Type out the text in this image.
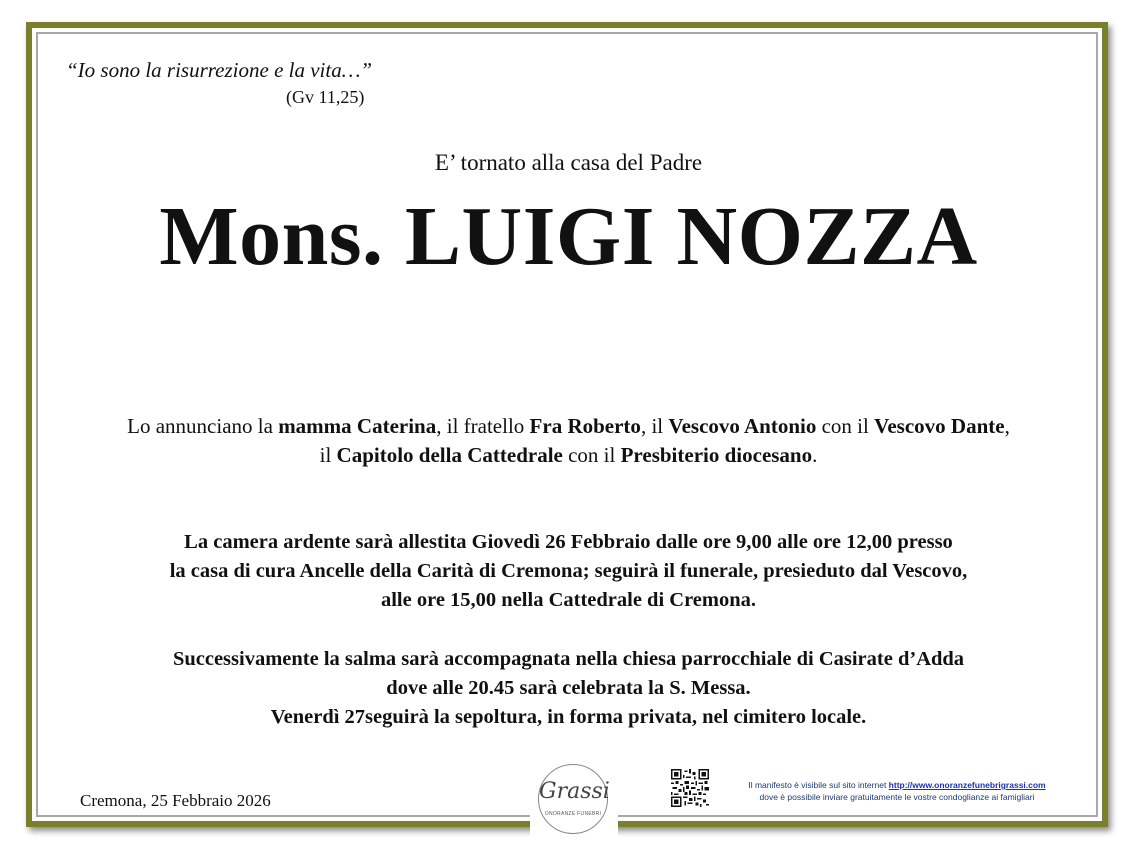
“Io sono la risurrezione e la vita…”
(Gv 11,25)
E’ tornato alla casa del Padre
Mons. LUIGI NOZZA
Lo annunciano la mamma Caterina, il fratello Fra Roberto, il Vescovo Antonio con il Vescovo Dante,
il Capitolo della Cattedrale con il Presbiterio diocesano.
La camera ardente sarà allestita Giovedì 26 Febbraio dalle ore 9,00 alle ore 12,00 presso
la casa di cura Ancelle della Carità di Cremona; seguirà il funerale, presieduto dal Vescovo,
alle ore 15,00 nella Cattedrale di Cremona.
Successivamente la salma sarà accompagnata nella chiesa parrocchiale di Casirate d’Adda
dove alle 20.45 sarà celebrata la S. Messa.
Venerdì 27seguirà la sepoltura, in forma privata, nel cimitero locale.
Cremona, 25 Febbraio 2026	Grassi
ONORANZE FUNEBRI
Il manifesto è visibile sul sito internet http://www.onoranzefunebrigrassi.com
dove è possibile inviare gratuitamente le vostre condoglianze ai famigliari
